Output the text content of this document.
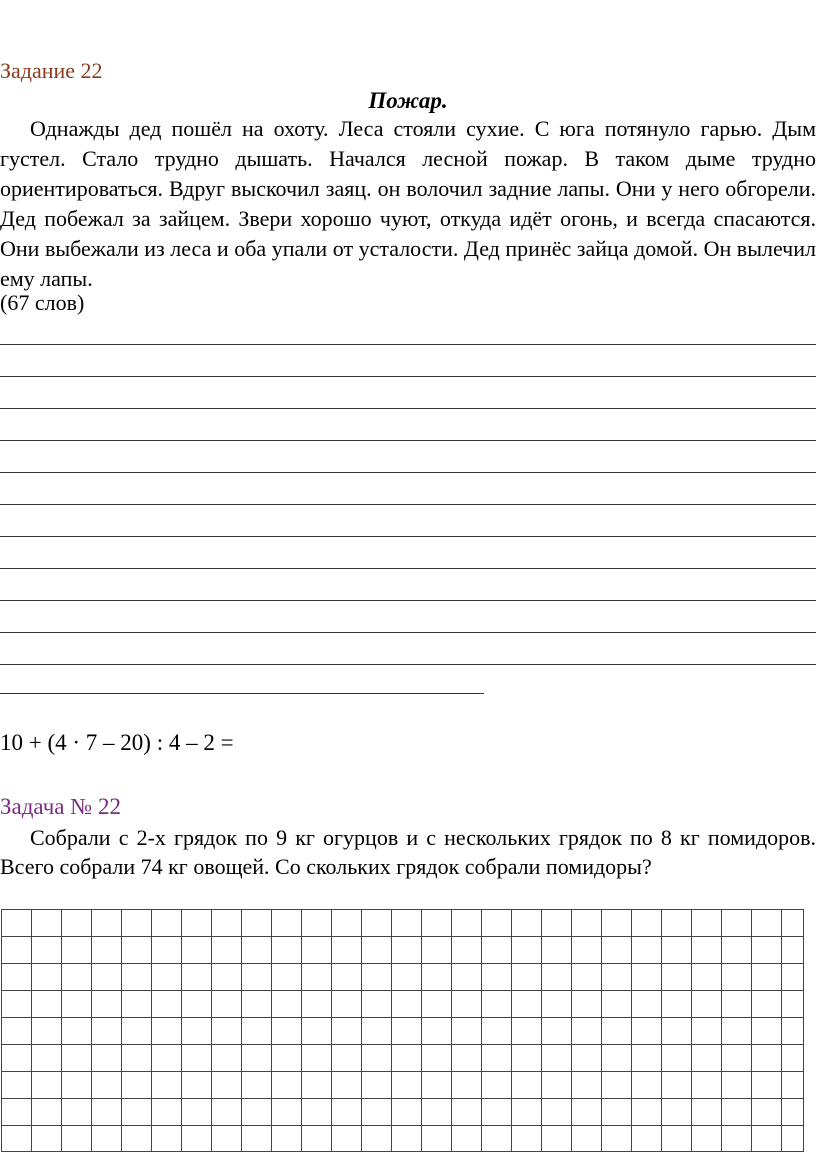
Задание 22
Пожар.

Однажды дед пошёл на охоту. Леса стояли сухие. С юга потянуло гарью. Дым густел. Стало трудно дышать. Начался лесной пожар. В таком дыме трудно ориентироваться. Вдруг выскочил заяц. он волочил задние лапы. Они у него обгорели. Дед побежал за зайцем. Звери хорошо чуют, откуда идёт огонь, и всегда спасаются. Они выбежали из леса и оба упали от усталости. Дед принёс зайца домой. Он вылечил ему лапы.

(67 слов)
10 + (4 · 7 – 20) : 4 – 2 =
Задача № 22

Собрали с 2-х грядок по 9 кг огурцов и с нескольких грядок по 8 кг помидоров. Всего собрали 74 кг овощей. Со скольких грядок собрали помидоры?
